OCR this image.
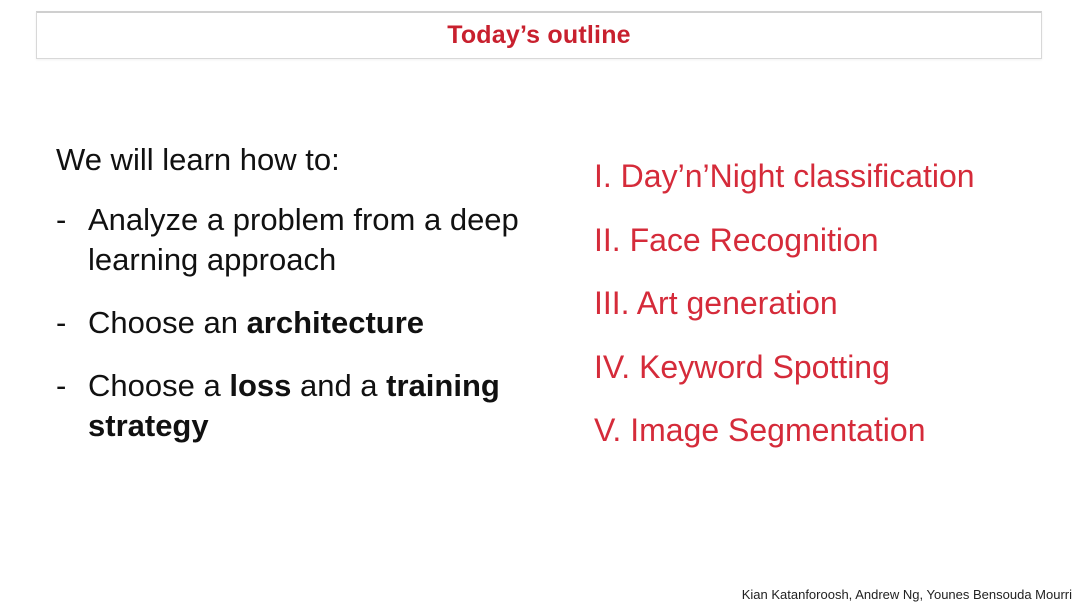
Today’s outline
We will learn how to:
- Analyze a problem from a deep learning approach
- Choose an architecture
- Choose a loss and a training strategy
I. Day’n’Night classification
II. Face Recognition
III. Art generation
IV. Keyword Spotting
V. Image Segmentation
Kian Katanforoosh, Andrew Ng, Younes Bensouda Mourri
